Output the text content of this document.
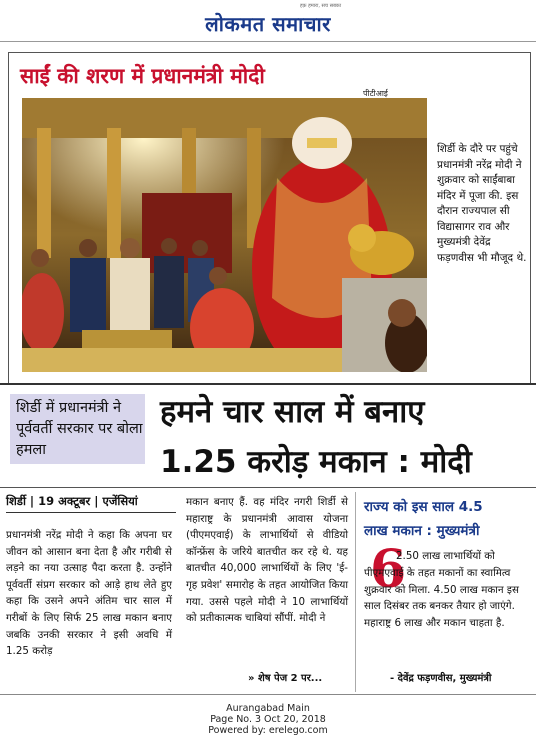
हक़ हमारा, सच सबका
लोकमत समाचार
साईं की शरण में प्रधानमंत्री मोदी
पीटीआई
शिर्डी के दौरे पर पहुंचे प्रधानमंत्री नरेंद्र मोदी ने शुक्रवार को साईंबाबा मंदिर में पूजा की. इस दौरान राज्यपाल सी विद्यासागर राव और मुख्यमंत्री देवेंद्र फड़णवीस भी मौजूद थे.
शिर्डी में प्रधानमंत्री ने पूर्ववर्ती सरकार पर बोला हमला
हमने चार साल में बनाए
1.25 करोड़ मकान : मोदी
शिर्डी | 19 अक्टूबर | एजेंसियां
प्रधानमंत्री नरेंद्र मोदी ने कहा कि अपना घर जीवन को आसान बना देता है और गरीबी से लड़ने का नया उत्साह पैदा करता है. उन्होंने पूर्ववर्ती संप्रग सरकार को आड़े हाथ लेते हुए कहा कि उसने अपने अंतिम चार साल में गरीबों के लिए सिर्फ 25 लाख मकान बनाए जबकि उनकी सरकार ने इसी अवधि में 1.25 करोड़
मकान बनाए हैं. वह मंदिर नगरी शिर्डी से महाराष्ट्र के प्रधानमंत्री आवास योजना (पीएमएवाई) के लाभार्थियों से वीडियो कॉन्फ्रेंस के जरिये बातचीत कर रहे थे. यह बातचीत 40,000 लाभार्थियों के लिए 'ई-गृह प्रवेश' समारोह के तहत आयोजित किया गया. उससे पहले मोदी ने 10 लाभार्थियों को प्रतीकात्मक चाबियां सौंपीं. मोदी ने
» शेष पेज 2 पर...
राज्य को इस साल 4.5
लाख मकान : मुख्यमंत्री
6
2.50 लाख लाभार्थियों को पीएमएवाई के तहत मकानों का स्वामित्व शुक्रवार को मिला. 4.50 लाख मकान इस साल दिसंबर तक बनकर तैयार हो जाएंगे. महाराष्ट्र 6 लाख और मकान चाहता है.
- देवेंद्र फड़णवीस, मुख्यमंत्री
Aurangabad Main
Page No. 3 Oct 20, 2018
Powered by: erelego.com
